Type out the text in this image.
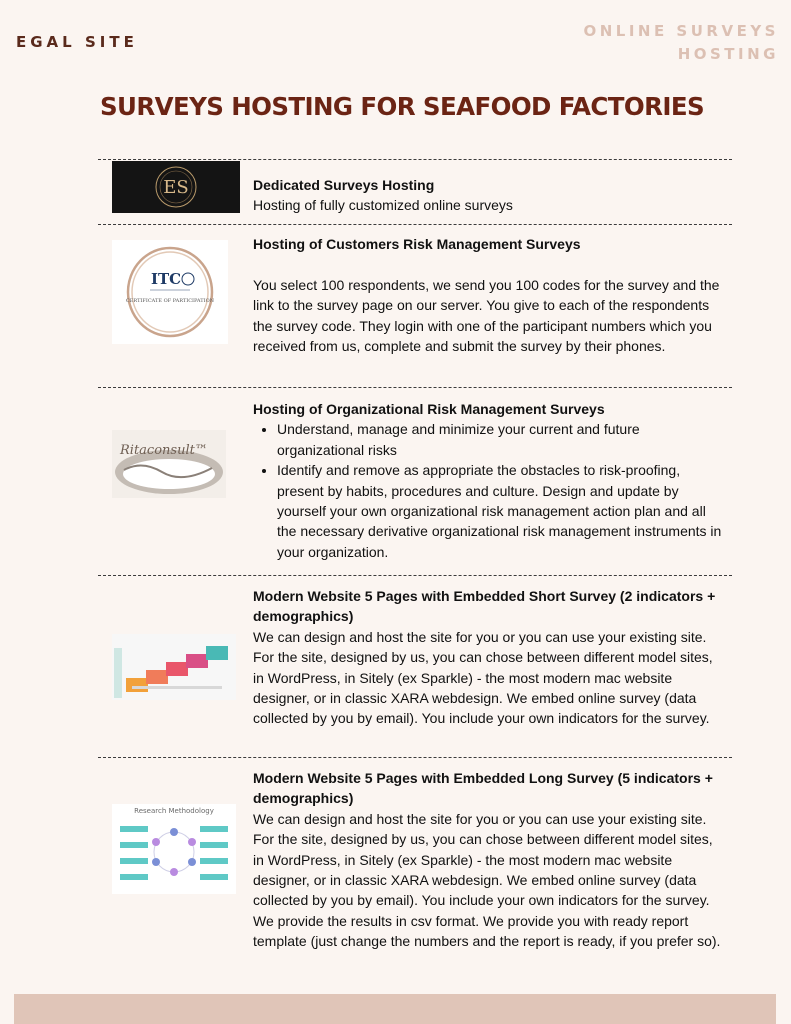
EGAL SITE
ONLINE SURVEYS
HOSTING
SURVEYS HOSTING FOR SEAFOOD FACTORIES
ES	Dedicated Surveys Hosting
Hosting of fully customized online surveys
ITC
CERTIFICATE OF PARTICIPATION
Hosting of Customers Risk Management Surveys
You select 100 respondents, we send you 100 codes for the survey and the link to the survey page on our server. You give to each of the respondents the survey code. They login with one of the participant numbers which you received from us, complete and submit the survey by their phones.
Ritaconsult™
Hosting of Organizational Risk Management Surveys
• Understand, manage and minimize your current and future organizational risks
• Identify and remove as appropriate the obstacles to risk-proofing, present by habits, procedures and culture. Design and update by yourself your own organizational risk management action plan and all the necessary derivative organizational risk management instruments in your organization.
Modern Website 5 Pages with Embedded Short Survey (2 indicators + demographics)
We can design and host the site for you or you can use your existing site. For the site, designed by us, you can chose between different model sites, in WordPress, in Sitely (ex Sparkle) - the most modern mac website designer, or in classic XARA webdesign. We embed online survey (data collected by you by email). You include your own indicators for the survey.
Research Methodology
Modern Website 5 Pages with Embedded Long Survey (5 indicators + demographics)
We can design and host the site for you or you can use your existing site. For the site, designed by us, you can chose between different model sites, in WordPress, in Sitely (ex Sparkle) - the most modern mac website designer, or in classic XARA webdesign. We embed online survey (data collected by you by email). You include your own indicators for the survey. We provide the results in csv format. We provide you with ready report template (just change the numbers and the report is ready, if you prefer so).
